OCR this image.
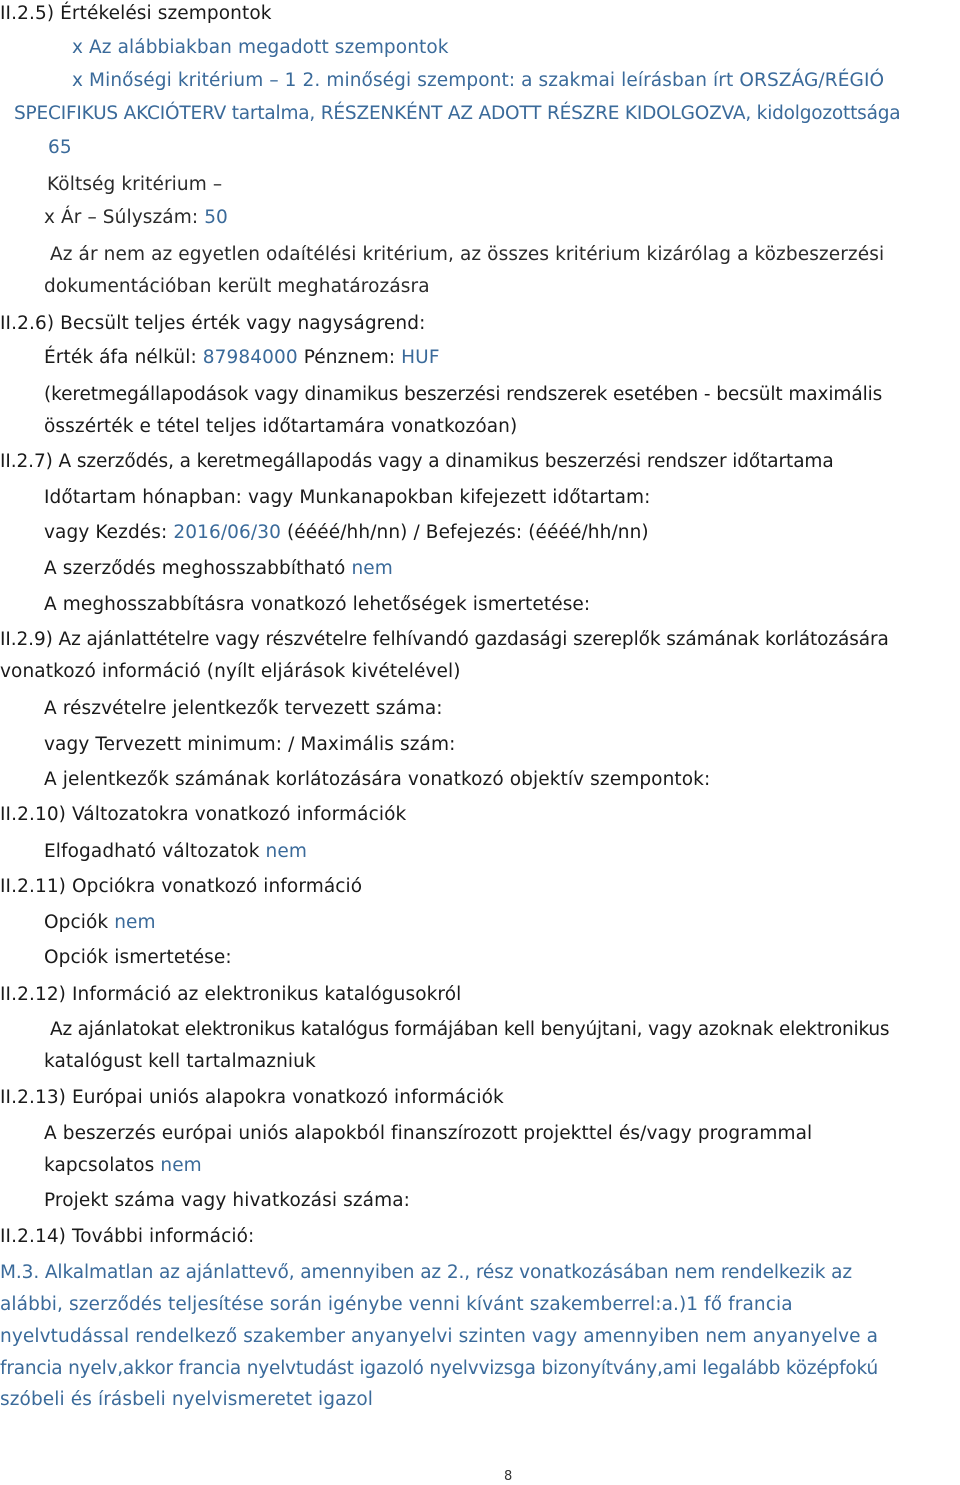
II.2.5) Értékelési szempontok

x Az alábbiakban megadott szempontok

x Minőségi kritérium – 1 2. minőségi szempont: a szakmai leírásban írt ORSZÁG/RÉGIÓ

SPECIFIKUS AKCIÓTERV tartalma, RÉSZENKÉNT AZ ADOTT RÉSZRE KIDOLGOZVA, kidolgozottsága

65

Költség kritérium –

x Ár – Súlyszám: 50

Az ár nem az egyetlen odaítélési kritérium, az összes kritérium kizárólag a közbeszerzési

dokumentációban került meghatározásra

II.2.6) Becsült teljes érték vagy nagyságrend:

Érték áfa nélkül: 87984000 Pénznem: HUF

(keretmegállapodások vagy dinamikus beszerzési rendszerek esetében - becsült maximális

összérték e tétel teljes időtartamára vonatkozóan)

II.2.7) A szerződés, a keretmegállapodás vagy a dinamikus beszerzési rendszer időtartama

Időtartam hónapban: vagy Munkanapokban kifejezett időtartam:

vagy Kezdés: 2016/06/30 (éééé/hh/nn) / Befejezés: (éééé/hh/nn)

A szerződés meghosszabbítható nem

A meghosszabbításra vonatkozó lehetőségek ismertetése:

II.2.9) Az ajánlattételre vagy részvételre felhívandó gazdasági szereplők számának korlátozására

vonatkozó információ (nyílt eljárások kivételével)

A részvételre jelentkezők tervezett száma:

vagy Tervezett minimum: / Maximális szám:

A jelentkezők számának korlátozására vonatkozó objektív szempontok:

II.2.10) Változatokra vonatkozó információk

Elfogadható változatok nem

II.2.11) Opciókra vonatkozó információ

Opciók nem

Opciók ismertetése:

II.2.12) Információ az elektronikus katalógusokról

Az ajánlatokat elektronikus katalógus formájában kell benyújtani, vagy azoknak elektronikus

katalógust kell tartalmazniuk

II.2.13) Európai uniós alapokra vonatkozó információk

A beszerzés európai uniós alapokból finanszírozott projekttel és/vagy programmal

kapcsolatos nem

Projekt száma vagy hivatkozási száma:

II.2.14) További információ:

M.3. Alkalmatlan az ajánlattevő, amennyiben az 2., rész vonatkozásában nem rendelkezik az

alábbi, szerződés teljesítése során igénybe venni kívánt szakemberrel:a.)1 fő francia

nyelvtudással rendelkező szakember anyanyelvi szinten vagy amennyiben nem anyanyelve a

francia nyelv,akkor francia nyelvtudást igazoló nyelvvizsga bizonyítvány,ami legalább középfokú

szóbeli és írásbeli nyelvismeretet igazol

8
